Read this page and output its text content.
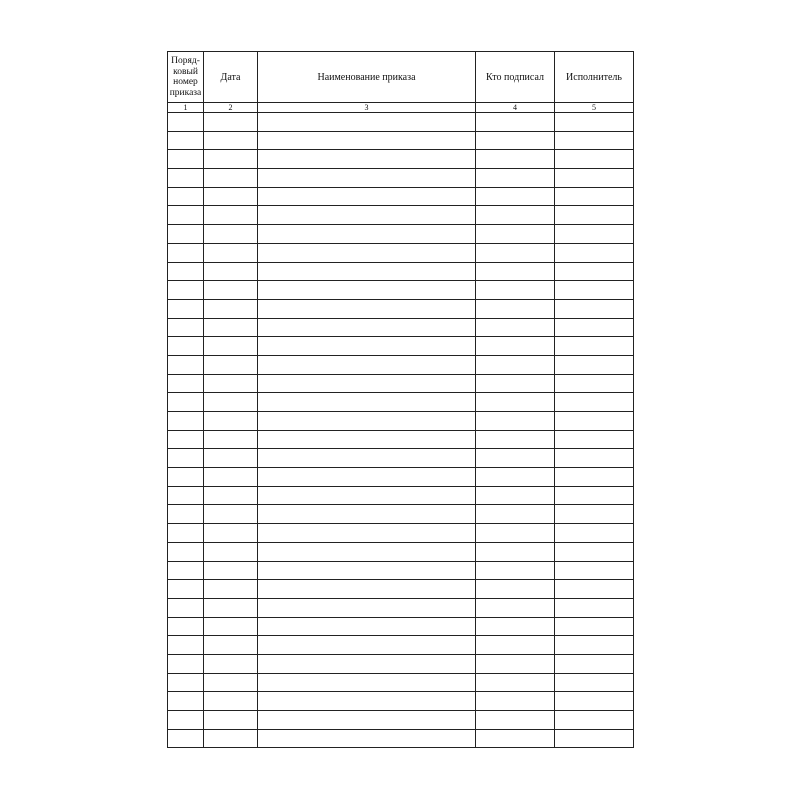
Поряд-
ковый
номер
приказа	Дата	Наименование приказа	Кто подписал	Исполнитель
1	2	3	4	5
